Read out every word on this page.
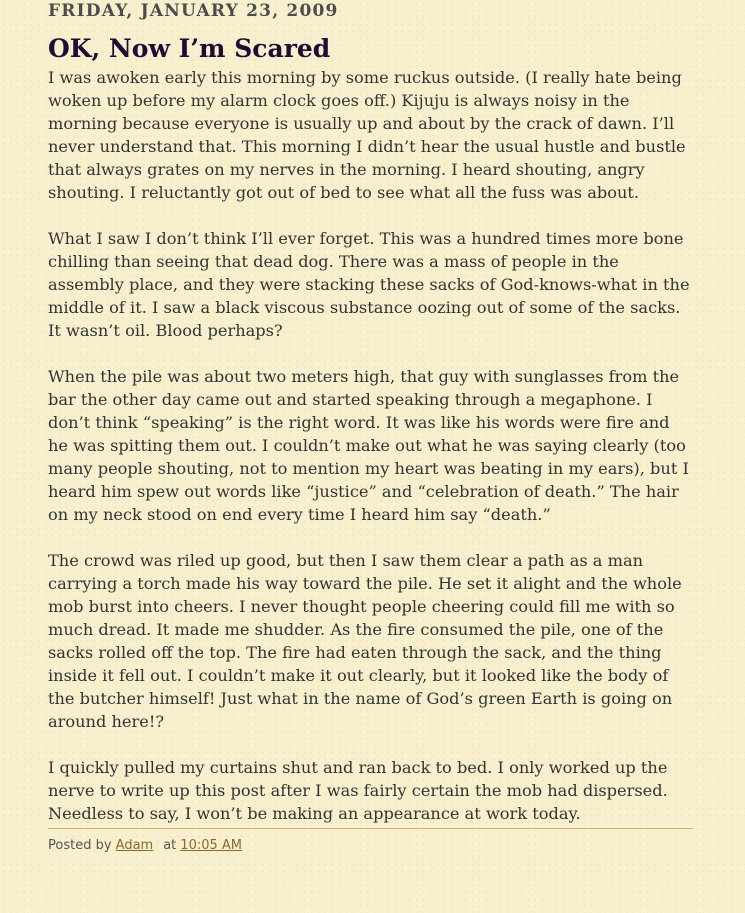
FRIDAY, JANUARY 23, 2009
OK, Now I’m Scared

I was awoken early this morning by some ruckus outside. (I really hate being woken up before my alarm clock goes off.) Kijuju is always noisy in the morning because everyone is usually up and about by the crack of dawn. I’ll never understand that. This morning I didn’t hear the usual hustle and bustle that always grates on my nerves in the morning. I heard shouting, angry shouting. I reluctantly got out of bed to see what all the fuss was about.

What I saw I don’t think I’ll ever forget. This was a hundred times more bone chilling than seeing that dead dog. There was a mass of people in the assembly place, and they were stacking these sacks of God-knows-what in the middle of it. I saw a black viscous substance oozing out of some of the sacks. It wasn’t oil. Blood perhaps?

When the pile was about two meters high, that guy with sunglasses from the bar the other day came out and started speaking through a megaphone. I don’t think “speaking” is the right word. It was like his words were fire and he was spitting them out. I couldn’t make out what he was saying clearly (too many people shouting, not to mention my heart was beating in my ears), but I heard him spew out words like “justice” and “celebration of death.” The hair on my neck stood on end every time I heard him say “death.”

The crowd was riled up good, but then I saw them clear a path as a man carrying a torch made his way toward the pile. He set it alight and the whole mob burst into cheers. I never thought people cheering could fill me with so much dread. It made me shudder. As the fire consumed the pile, one of the sacks rolled off the top. The fire had eaten through the sack, and the thing inside it fell out. I couldn’t make it out clearly, but it looked like the body of the butcher himself! Just what in the name of God’s green Earth is going on around here!?

I quickly pulled my curtains shut and ran back to bed. I only worked up the nerve to write up this post after I was fairly certain the mob had dispersed. Needless to say, I won’t be making an appearance at work today.

Posted by Adam at 10:05 AM
